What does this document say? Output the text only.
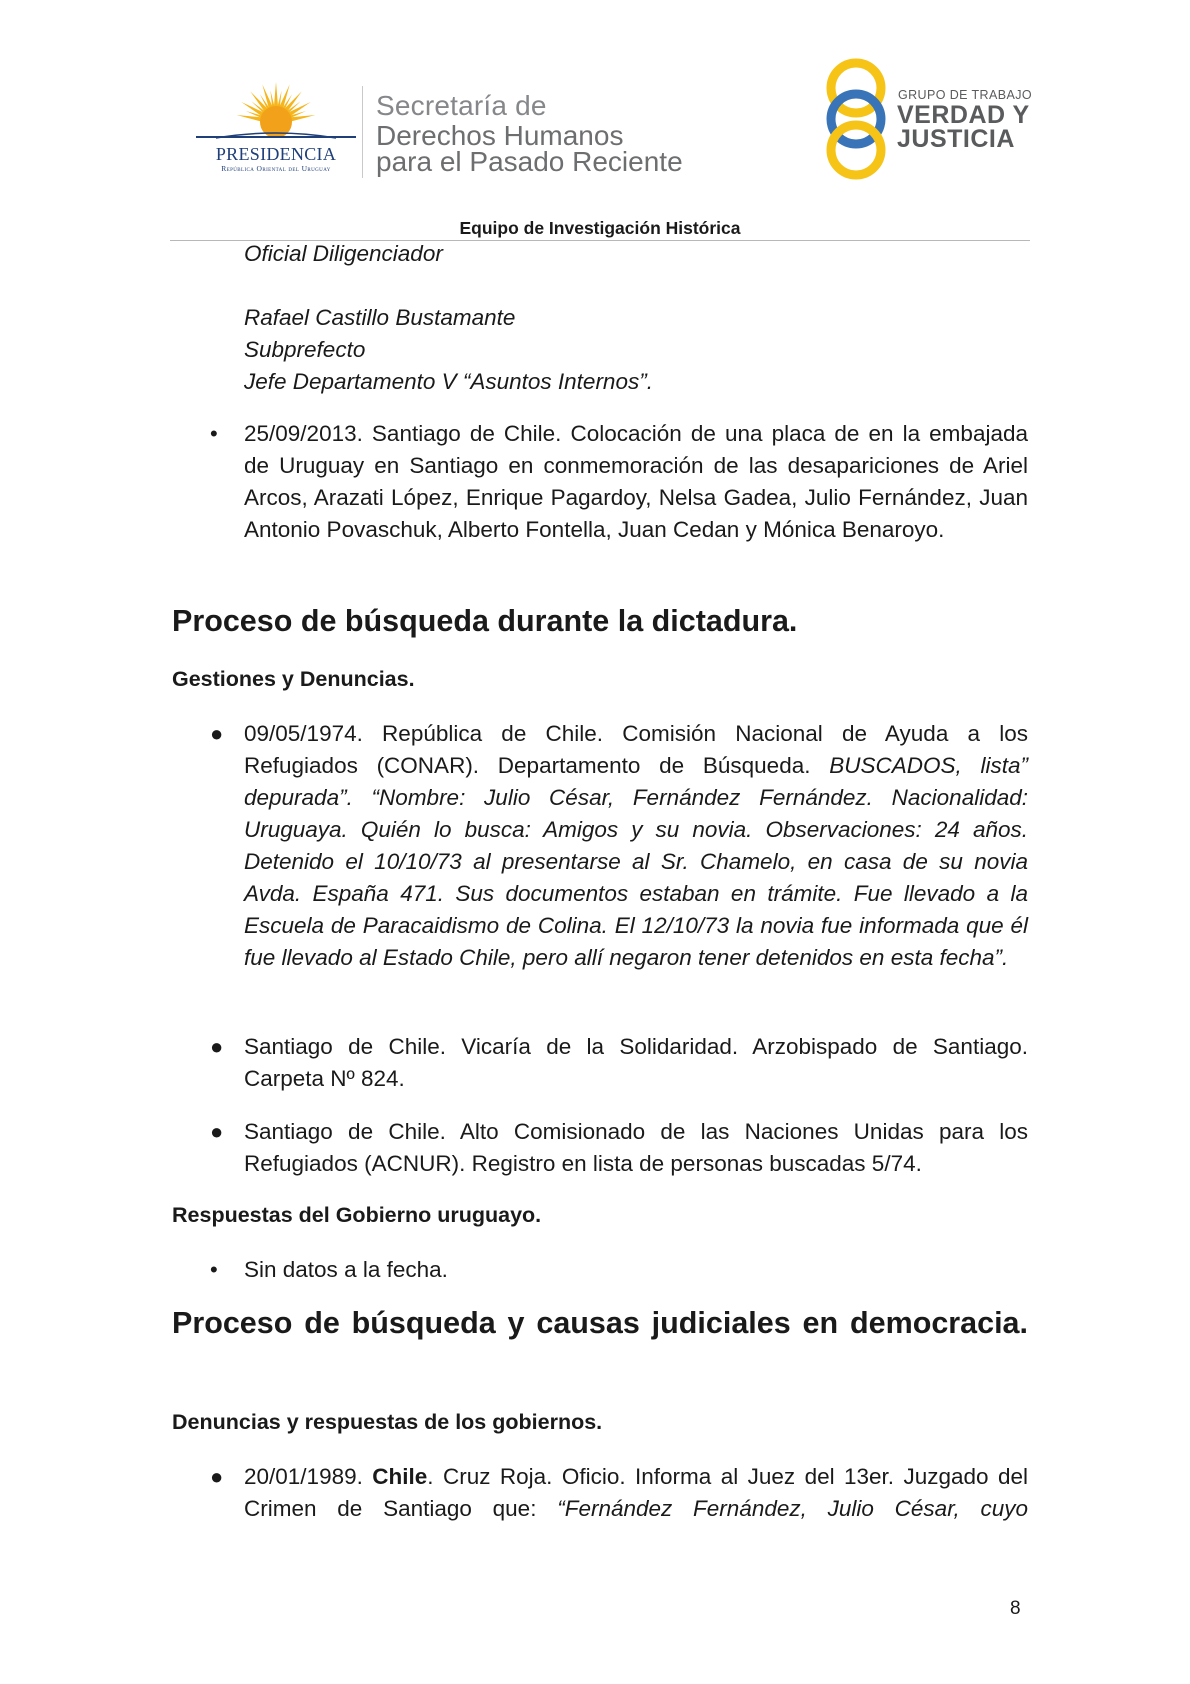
PRESIDENCIA
República Oriental del Uruguay
Secretaría de
Derechos Humanos
para el Pasado Reciente
GRUPO DE TRABAJO
VERDAD Y
JUSTICIA
Equipo de Investigación Histórica
Oficial Diligenciador
Rafael Castillo Bustamante
Subprefecto
Jefe Departamento V “Asuntos Internos”.
• 25/09/2013. Santiago de Chile. Colocación de una placa de en la embajada de Uruguay en Santiago en conmemoración de las desapariciones de Ariel Arcos, Arazati López, Enrique Pagardoy, Nelsa Gadea, Julio Fernández, Juan Antonio Povaschuk, Alberto Fontella, Juan Cedan y Mónica Benaroyo.
Proceso de búsqueda durante la dictadura.
Gestiones y Denuncias.
● 09/05/1974. República de Chile. Comisión Nacional de Ayuda a los Refugiados (CONAR). Departamento de Búsqueda. BUSCADOS, lista” depurada”. “Nombre: Julio César, Fernández Fernández. Nacionalidad: Uruguaya. Quién lo busca: Amigos y su novia. Observaciones: 24 años. Detenido el 10/10/73 al presentarse al Sr. Chamelo, en casa de su novia Avda. España 471. Sus documentos estaban en trámite. Fue llevado a la Escuela de Paracaidismo de Colina. El 12/10/73 la novia fue informada que él fue llevado al Estado Chile, pero allí negaron tener detenidos en esta fecha”.
● Santiago de Chile. Vicaría de la Solidaridad. Arzobispado de Santiago. Carpeta Nº 824.
● Santiago de Chile. Alto Comisionado de las Naciones Unidas para los Refugiados (ACNUR). Registro en lista de personas buscadas 5/74.
Respuestas del Gobierno uruguayo.
• Sin datos a la fecha.
Proceso de búsqueda y causas judiciales en democracia.
Denuncias y respuestas de los gobiernos.
● 20/01/1989. Chile. Cruz Roja. Oficio. Informa al Juez del 13er. Juzgado del Crimen de Santiago que: “Fernández Fernández, Julio César, cuyo
8
